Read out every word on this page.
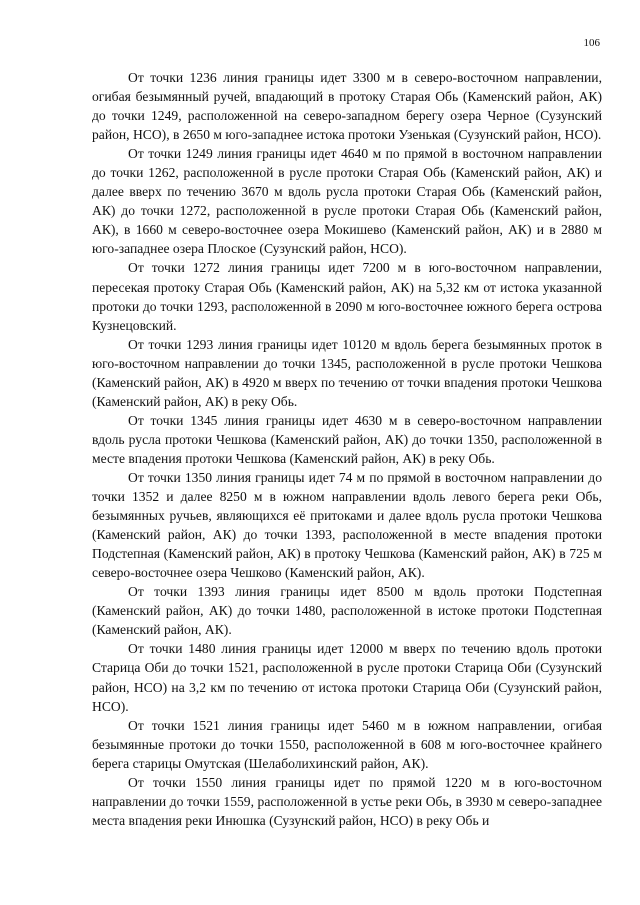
106

От точки 1236 линия границы идет 3300 м в северо-восточном направлении, огибая безымянный ручей, впадающий в протоку Старая Обь (Каменский район, АК) до точки 1249, расположенной на северо-западном берегу озера Черное (Сузунский район, НСО), в 2650 м юго-западнее истока протоки Узенькая (Сузунский район, НСО).

От точки 1249 линия границы идет 4640 м по прямой в восточном направлении до точки 1262, расположенной в русле протоки Старая Обь (Каменский район, АК) и далее вверх по течению 3670 м вдоль русла протоки Старая Обь (Каменский район, АК) до точки 1272, расположенной в русле протоки Старая Обь (Каменский район, АК), в 1660 м северо-восточнее озера Мокишево (Каменский район, АК) и в 2880 м юго-западнее озера Плоское (Сузунский район, НСО).

От точки 1272 линия границы идет 7200 м в юго-восточном направлении, пересекая протоку Старая Обь (Каменский район, АК) на 5,32 км от истока указанной протоки до точки 1293, расположенной в 2090 м юго-восточнее южного берега острова Кузнецовский.

От точки 1293 линия границы идет 10120 м вдоль берега безымянных проток в юго-восточном направлении до точки 1345, расположенной в русле протоки Чешкова (Каменский район, АК) в 4920 м вверх по течению от точки впадения протоки Чешкова (Каменский район, АК) в реку Обь.

От точки 1345 линия границы идет 4630 м в северо-восточном направлении вдоль русла протоки Чешкова (Каменский район, АК) до точки 1350, расположенной в месте впадения протоки Чешкова (Каменский район, АК) в реку Обь.

От точки 1350 линия границы идет 74 м по прямой в восточном направлении до точки 1352 и далее 8250 м в южном направлении вдоль левого берега реки Обь, безымянных ручьев, являющихся её притоками и далее вдоль русла протоки Чешкова (Каменский район, АК) до точки 1393, расположенной в месте впадения протоки Подстепная (Каменский район, АК) в протоку Чешкова (Каменский район, АК) в 725 м северо-восточнее озера Чешково (Каменский район, АК).

От точки 1393 линия границы идет 8500 м вдоль протоки Подстепная (Каменский район, АК) до точки 1480, расположенной в истоке протоки Подстепная (Каменский район, АК).

От точки 1480 линия границы идет 12000 м вверх по течению вдоль протоки Старица Оби до точки 1521, расположенной в русле протоки Старица Оби (Сузунский район, НСО) на 3,2 км по течению от истока протоки Старица Оби (Сузунский район, НСО).

От точки 1521 линия границы идет 5460 м в южном направлении, огибая безымянные протоки до точки 1550, расположенной в 608 м юго-восточнее крайнего берега старицы Омутская (Шелаболихинский район, АК).

От точки 1550 линия границы идет по прямой 1220 м в юго-восточном направлении до точки 1559, расположенной в устье реки Обь, в 3930 м северо-западнее места впадения реки Инюшка (Сузунский район, НСО) в реку Обь и
